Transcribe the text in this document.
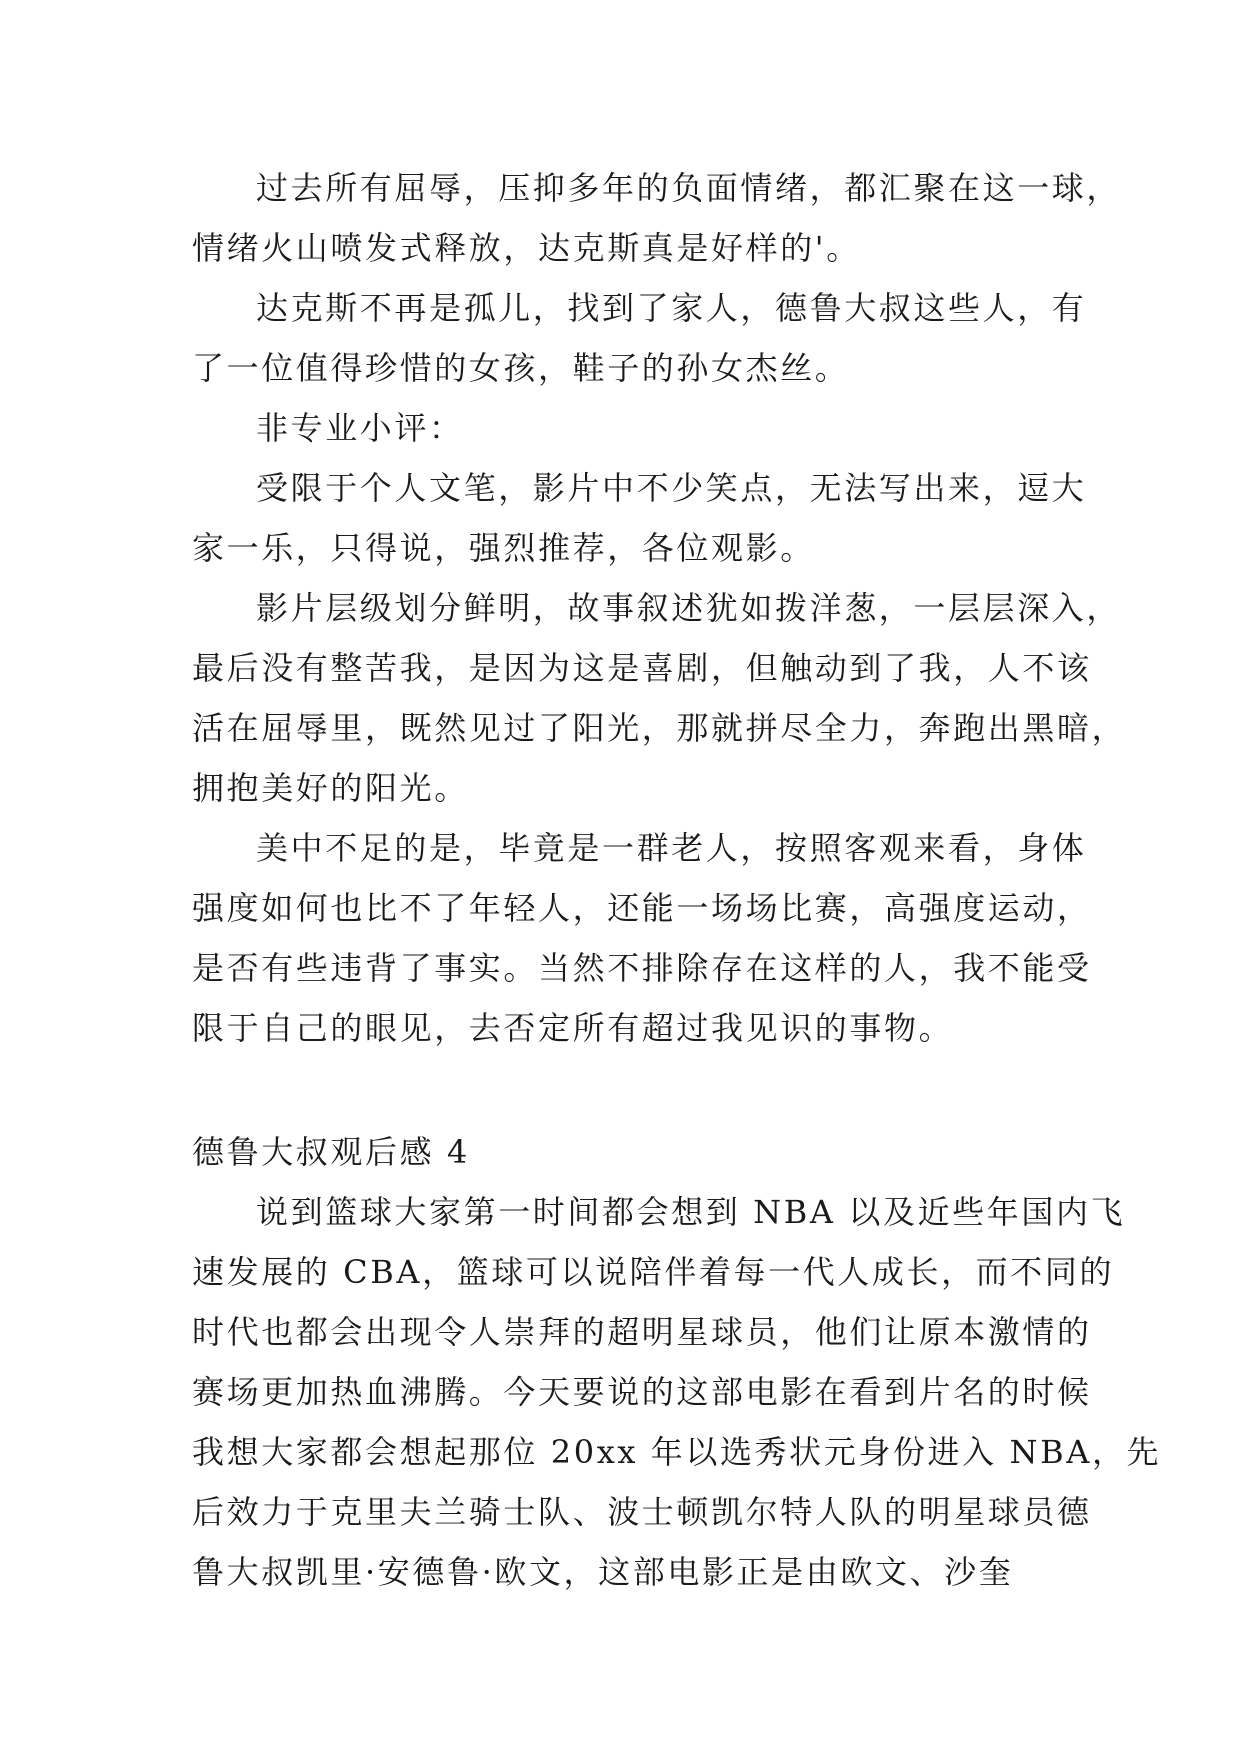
过去所有屈辱，压抑多年的负面情绪，都汇聚在这一球，
情绪火山喷发式释放，达克斯真是好样的'。
达克斯不再是孤儿，找到了家人，德鲁大叔这些人，有
了一位值得珍惜的女孩，鞋子的孙女杰丝。
非专业小评：
受限于个人文笔，影片中不少笑点，无法写出来，逗大
家一乐，只得说，强烈推荐，各位观影。
影片层级划分鲜明，故事叙述犹如拨洋葱，一层层深入，
最后没有整苦我，是因为这是喜剧，但触动到了我，人不该
活在屈辱里，既然见过了阳光，那就拼尽全力，奔跑出黑暗，
拥抱美好的阳光。
美中不足的是，毕竟是一群老人，按照客观来看，身体
强度如何也比不了年轻人，还能一场场比赛，高强度运动，
是否有些违背了事实。当然不排除存在这样的人，我不能受
限于自己的眼见，去否定所有超过我见识的事物。
德鲁大叔观后感 4
说到篮球大家第一时间都会想到 NBA 以及近些年国内飞
速发展的 CBA，篮球可以说陪伴着每一代人成长，而不同的
时代也都会出现令人崇拜的超明星球员，他们让原本激情的
赛场更加热血沸腾。今天要说的这部电影在看到片名的时候
我想大家都会想起那位 20xx 年以选秀状元身份进入 NBA，先
后效力于克里夫兰骑士队、波士顿凯尔特人队的明星球员德
鲁大叔凯里·安德鲁·欧文，这部电影正是由欧文、沙奎
